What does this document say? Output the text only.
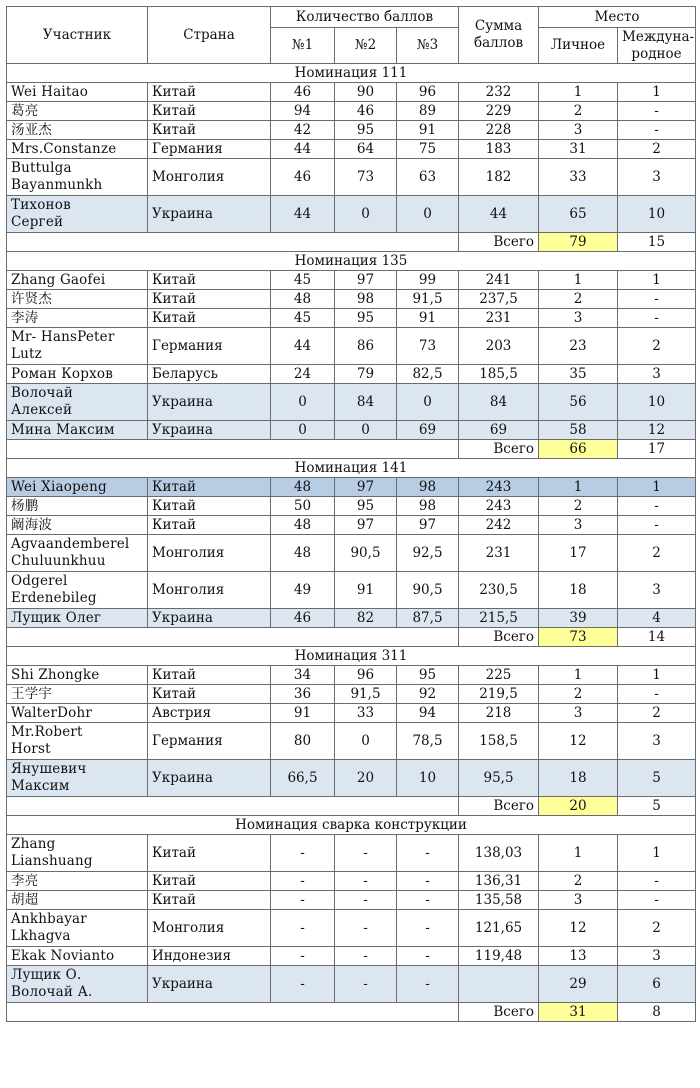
Участник	Страна	Количество баллов			Сумма
баллов	Место	
		№1	№2	№3		Личное	Междуна-
родное
Номинация 111							
Wei Haitao	Китай	46	90	96	232	1	1
葛亮	Китай	94	46	89	229	2	-
汤亚杰	Китай	42	95	91	228	3	-
Mrs.Constanze	Германия	44	64	75	183	31	2
Buttulga
Bayanmunkh	Монголия	46	73	63	182	33	3
Тихонов
Сергей	Украина	44	0	0	44	65	10
					Всего	79	15
Номинация 135							
Zhang Gaofei	Китай	45	97	99	241	1	1
许贤杰	Китай	48	98	91,5	237,5	2	-
李涛	Китай	45	95	91	231	3	-
Mr- HansPeter
Lutz	Германия	44	86	73	203	23	2
Роман Корхов	Беларусь	24	79	82,5	185,5	35	3
Волочай
Алексей	Украина	0	84	0	84	56	10
Мина Максим	Украина	0	0	69	69	58	12
					Всего	66	17
Номинация 141							
Wei Xiaopeng	Китай	48	97	98	243	1	1
杨鹏	Китай	50	95	98	243	2	-
阚海波	Китай	48	97	97	242	3	-
Agvaandemberel
Chuluunkhuu	Монголия	48	90,5	92,5	231	17	2
Odgerel
Erdenebileg	Монголия	49	91	90,5	230,5	18	3
Лущик Олег	Украина	46	82	87,5	215,5	39	4
					Всего	73	14
Номинация 311							
Shi Zhongke	Китай	34	96	95	225	1	1
王学宇	Китай	36	91,5	92	219,5	2	-
WalterDohr	Австрия	91	33	94	218	3	2
Mr.Robert
Horst	Германия	80	0	78,5	158,5	12	3
Янушевич
Максим	Украина	66,5	20	10	95,5	18	5
					Всего	20	5
Номинация сварка конструкции							
Zhang
Lianshuang	Китай	-	-	-	138,03	1	1
李亮	Китай	-	-	-	136,31	2	-
胡超	Китай	-	-	-	135,58	3	-
Ankhbayar
Lkhagva	Монголия	-	-	-	121,65	12	2
Ekak Novianto	Индонезия	-	-	-	119,48	13	3
Лущик О.
Волочай А.	Украина	-	-	-		29	6
					Всего	31	8
